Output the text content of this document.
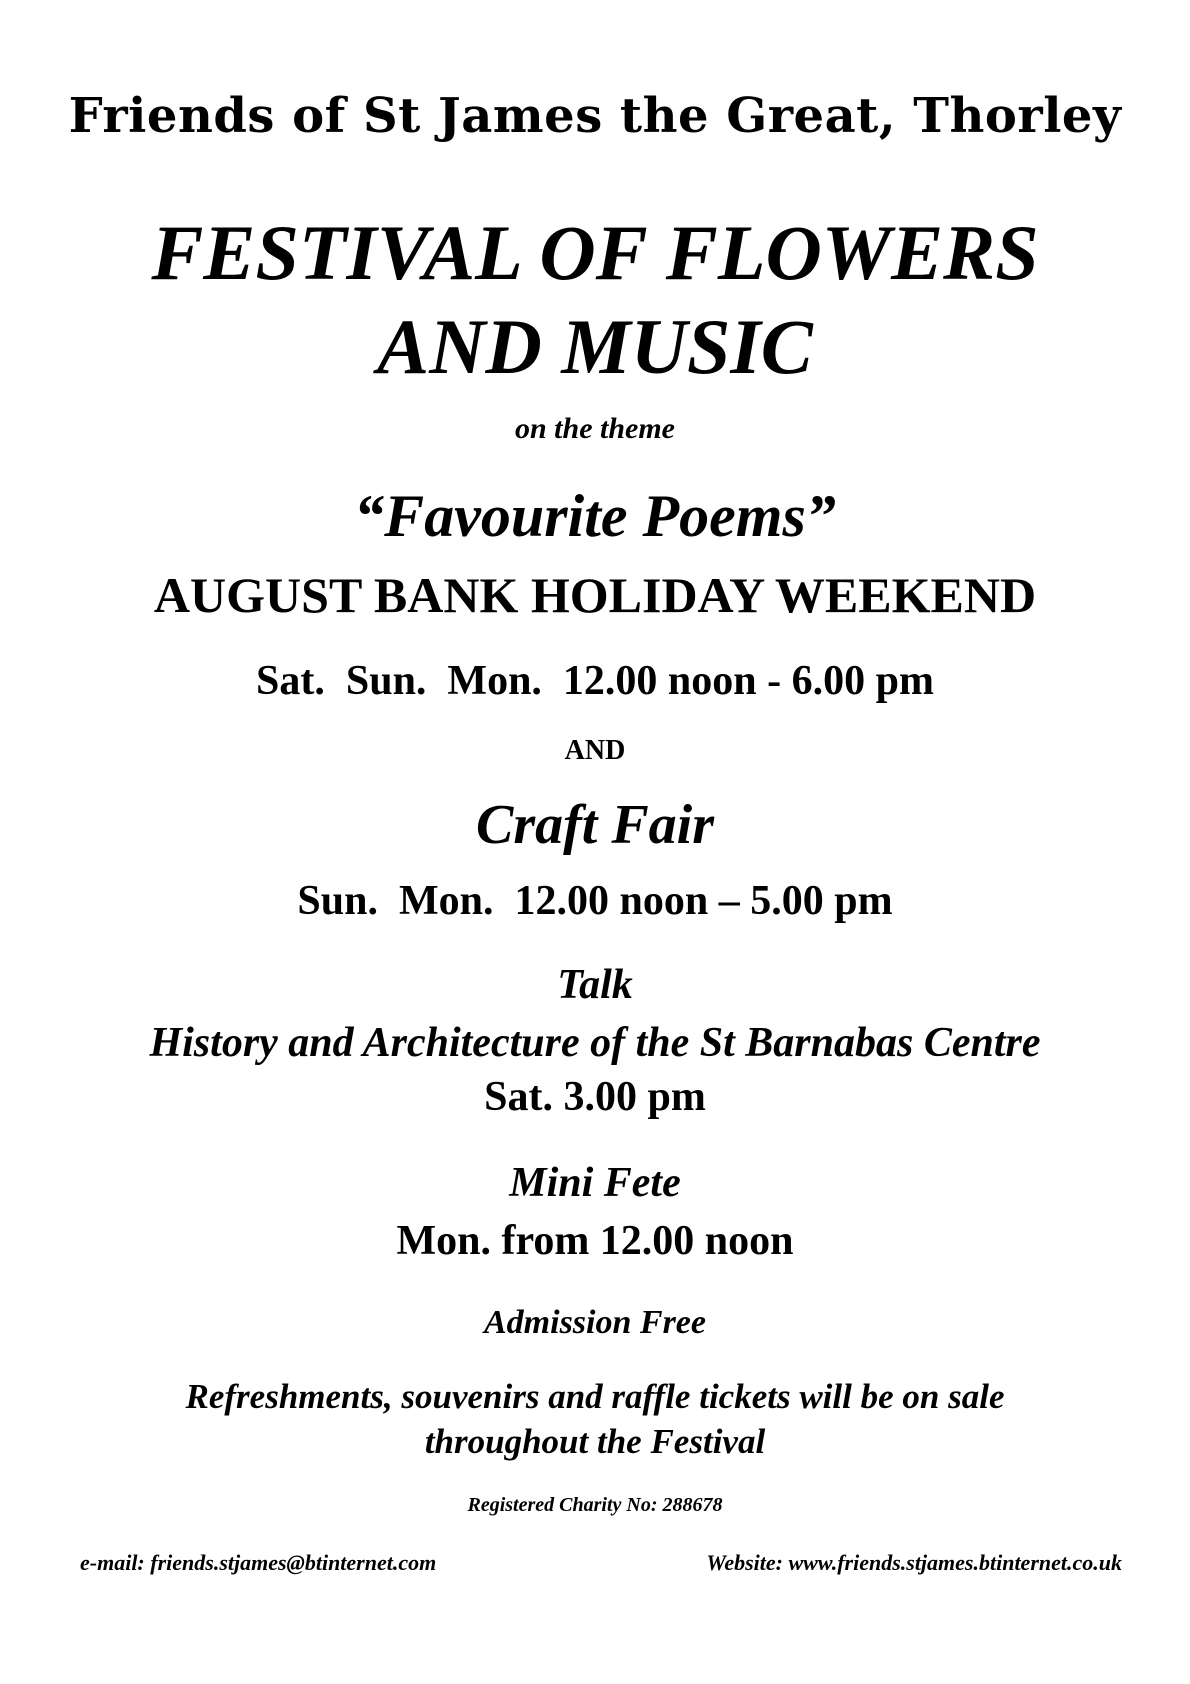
Friends of St James the Great, Thorley
FESTIVAL OF FLOWERS
AND MUSIC
on the theme
“Favourite Poems”
AUGUST BANK HOLIDAY WEEKEND
Sat.  Sun.  Mon.  12.00 noon - 6.00 pm
AND
Craft Fair
Sun.  Mon.  12.00 noon – 5.00 pm
Talk
History and Architecture of the St Barnabas Centre
Sat. 3.00 pm
Mini Fete
Mon. from 12.00 noon
Admission Free
Refreshments, souvenirs and raffle tickets will be on sale
throughout the Festival
Registered Charity No: 288678
e-mail: friends.stjames@btinternet.com	Website: www.friends.stjames.btinternet.co.uk
